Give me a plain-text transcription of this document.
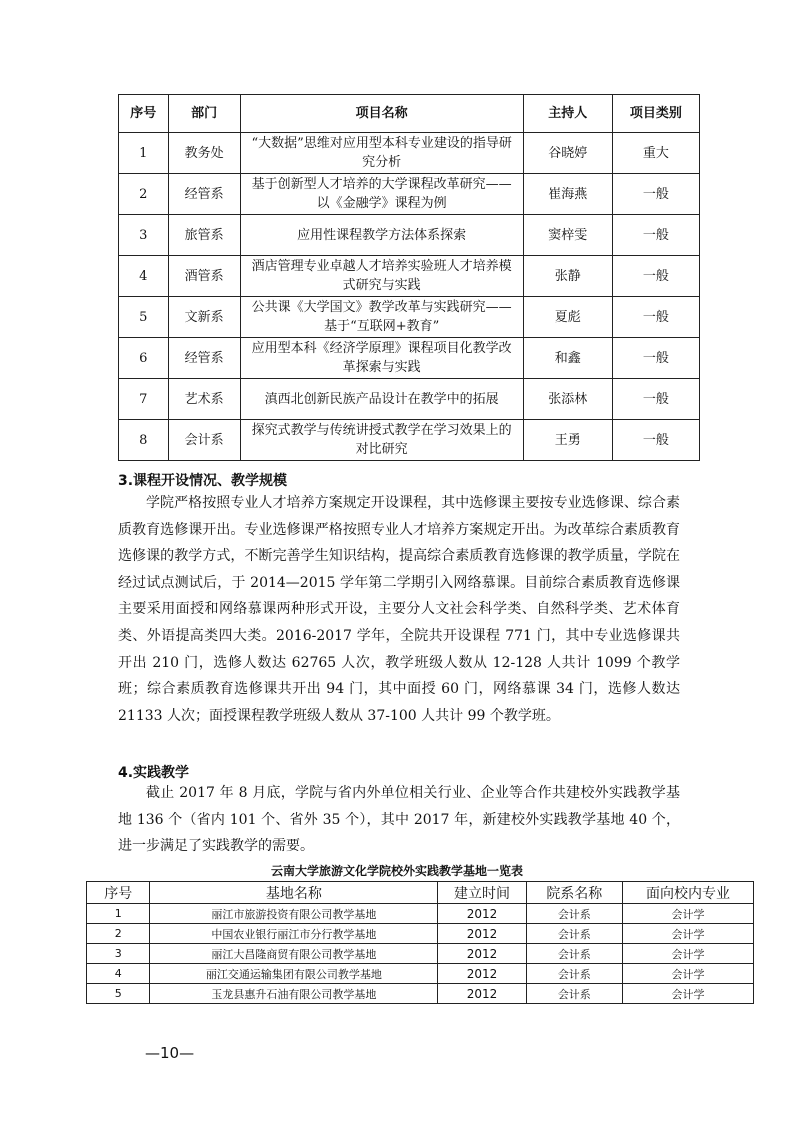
序号	部门	项目名称	主持人	项目类别
1	教务处	“大数据”思维对应用型本科专业建设的指导研究分析	谷晓婷	重大
2	经管系	基于创新型人才培养的大学课程改革研究——以《金融学》课程为例	崔海燕	一般
3	旅管系	应用性课程教学方法体系探索	窦梓雯	一般
4	酒管系	酒店管理专业卓越人才培养实验班人才培养模式研究与实践	张静	一般
5	文新系	公共课《大学国文》教学改革与实践研究——基于“互联网+教育”	夏彪	一般
6	经管系	应用型本科《经济学原理》课程项目化教学改革探索与实践	和鑫	一般
7	艺术系	滇西北创新民族产品设计在教学中的拓展	张添林	一般
8	会计系	探究式教学与传统讲授式教学在学习效果上的对比研究	王勇	一般
3.课程开设情况、教学规模

学院严格按照专业人才培养方案规定开设课程，其中选修课主要按专业选修课、综合素质教育选修课开出。专业选修课严格按照专业人才培养方案规定开出。为改革综合素质教育选修课的教学方式，不断完善学生知识结构，提高综合素质教育选修课的教学质量，学院在经过试点测试后，于 2014—2015 学年第二学期引入网络慕课。目前综合素质教育选修课主要采用面授和网络慕课两种形式开设，主要分人文社会科学类、自然科学类、艺术体育类、外语提高类四大类。2016-2017 学年，全院共开设课程 771 门，其中专业选修课共开出 210 门，选修人数达 62765 人次，教学班级人数从 12-128 人共计 1099 个教学班；综合素质教育选修课共开出 94 门，其中面授 60 门，网络慕课 34 门，选修人数达 21133 人次；面授课程教学班级人数从 37-100 人共计 99 个教学班。

4.实践教学

截止 2017 年 8 月底，学院与省内外单位相关行业、企业等合作共建校外实践教学基地 136 个（省内 101 个、省外 35 个），其中 2017 年，新建校外实践教学基地 40 个，进一步满足了实践教学的需要。

云南大学旅游文化学院校外实践教学基地一览表
序号	基地名称	建立时间	院系名称	面向校内专业
1	丽江市旅游投资有限公司教学基地	2012	会计系	会计学
2	中国农业银行丽江市分行教学基地	2012	会计系	会计学
3	丽江大昌隆商贸有限公司教学基地	2012	会计系	会计学
4	丽江交通运输集团有限公司教学基地	2012	会计系	会计学
5	玉龙县惠升石油有限公司教学基地	2012	会计系	会计学
—10—
